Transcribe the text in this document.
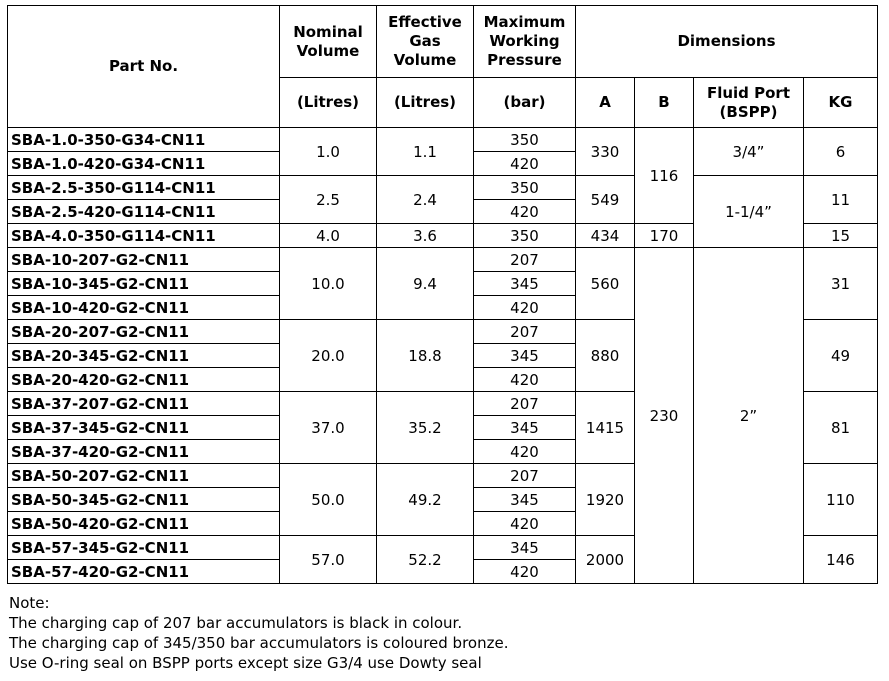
Part No.	Nominal Volume	Effective Gas Volume	Maximum Working Pressure	Dimensions			
	(Litres)	(Litres)	(bar)	A	B	Fluid Port (BSPP)	KG
SBA-1.0-350-G34-CN11	1.0	1.1	350	330	116	3/4”	6
SBA-1.0-420-G34-CN11			420				
SBA-2.5-350-G114-CN11	2.5	2.4	350	549		1-1/4”	11
SBA-2.5-420-G114-CN11			420				
SBA-4.0-350-G114-CN11	4.0	3.6	350	434	170		15
SBA-10-207-G2-CN11	10.0	9.4	207	560	230	2”	31
SBA-10-345-G2-CN11			345				
SBA-10-420-G2-CN11			420				
SBA-20-207-G2-CN11	20.0	18.8	207	880			49
SBA-20-345-G2-CN11			345				
SBA-20-420-G2-CN11			420				
SBA-37-207-G2-CN11	37.0	35.2	207	1415			81
SBA-37-345-G2-CN11			345				
SBA-37-420-G2-CN11			420				
SBA-50-207-G2-CN11	50.0	49.2	207	1920			110
SBA-50-345-G2-CN11			345				
SBA-50-420-G2-CN11			420				
SBA-57-345-G2-CN11	57.0	52.2	345	2000			146
SBA-57-420-G2-CN11			420				
Note:
The charging cap of 207 bar accumulators is black in colour.
The charging cap of 345/350 bar accumulators is coloured bronze.
Use O-ring seal on BSPP ports except size G3/4 use Dowty seal
